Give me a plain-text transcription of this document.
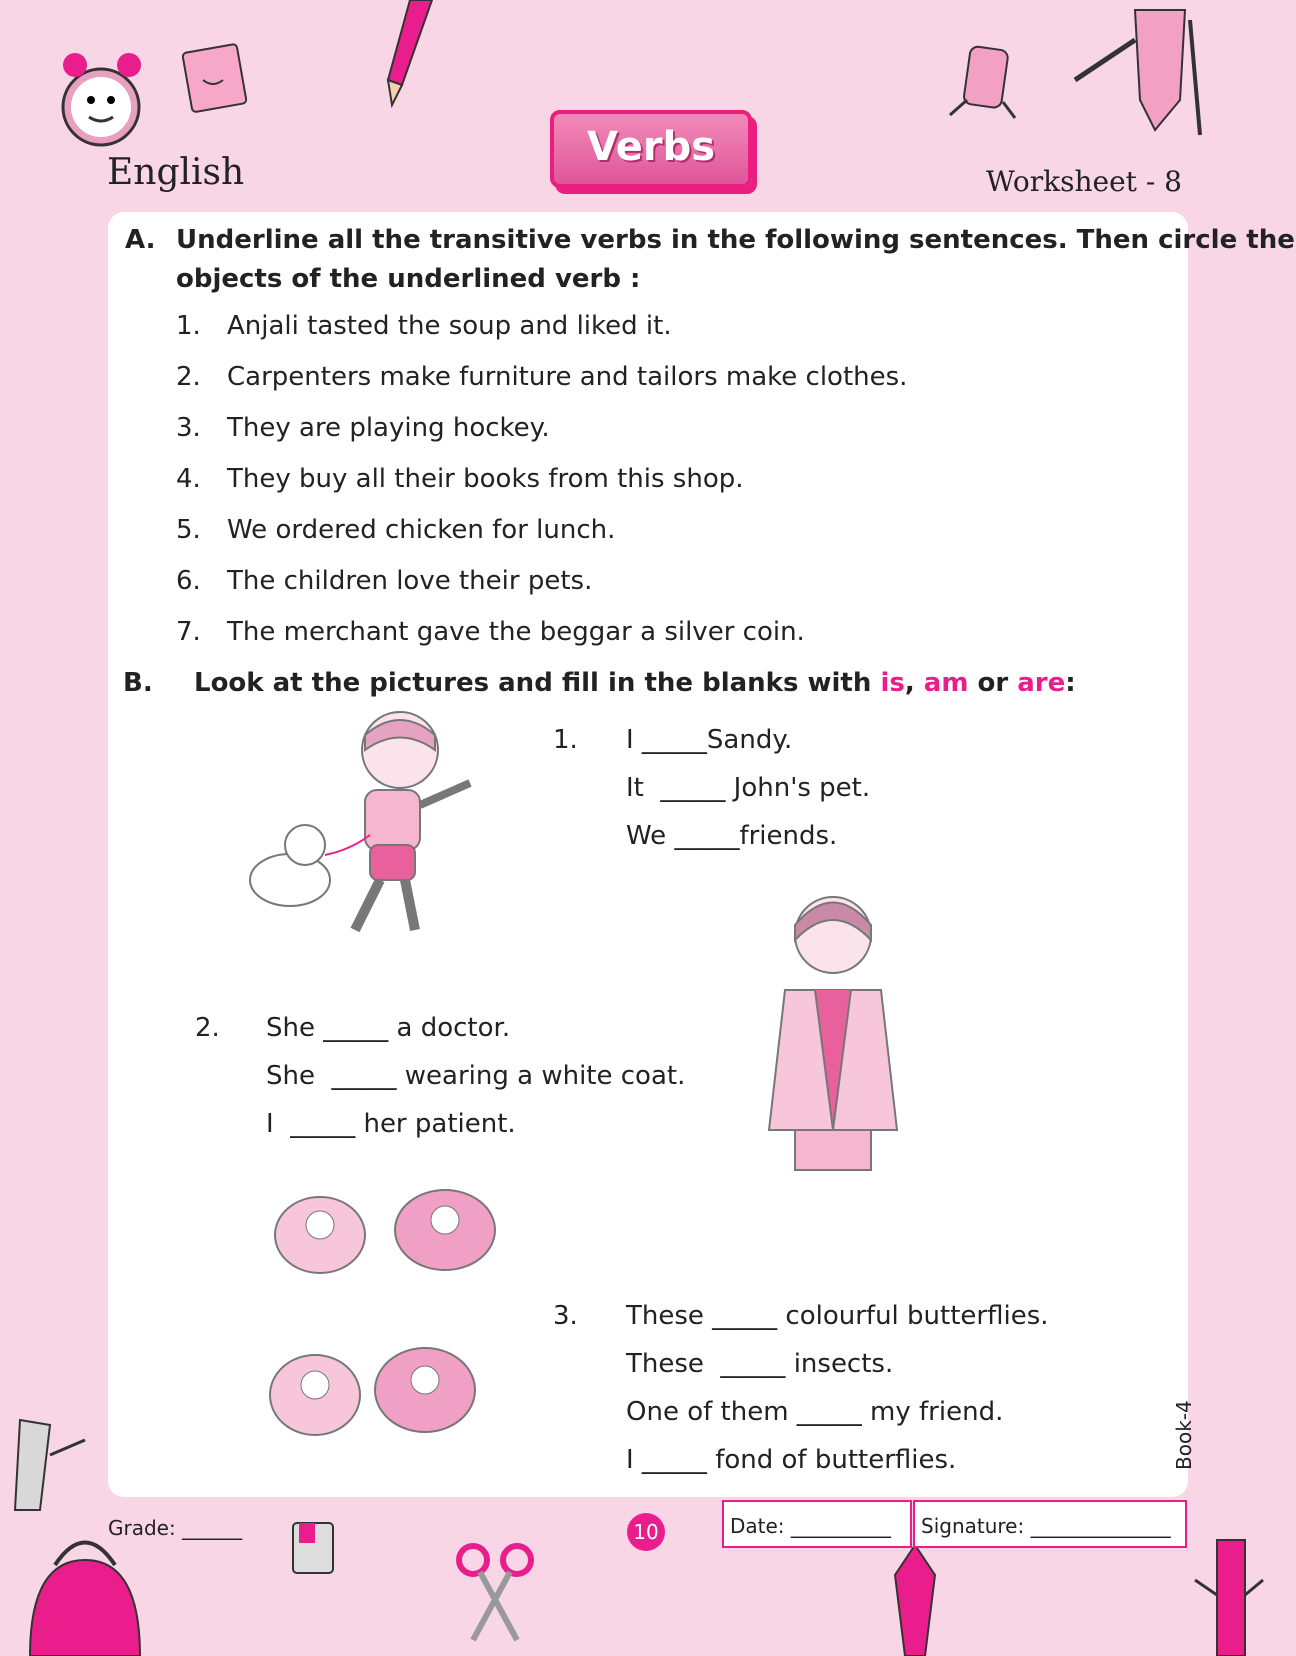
English
Verbs
Worksheet - 8
A. Underline all the transitive verbs in the following sentences. Then circle the
objects of the underlined verb :
1. Anjali tasted the soup and liked it.
2. Carpenters make furniture and tailors make clothes.
3. They are playing hockey.
4. They buy all their books from this shop.
5. We ordered chicken for lunch.
6. The children love their pets.
7. The merchant gave the beggar a silver coin.
B. Look at the pictures and fill in the blanks with is, am or are:
1. I _____Sandy.
It  _____ John's pet.
We _____friends.
2. She _____ a doctor.
She  _____ wearing a white coat.
I  _____ her patient.
3. These _____ colourful butterflies.
These  _____ insects.
One of them _____ my friend.
I _____ fond of butterflies.
Grade: ______	10	Date: __________ Signature: ______________
Book-4
